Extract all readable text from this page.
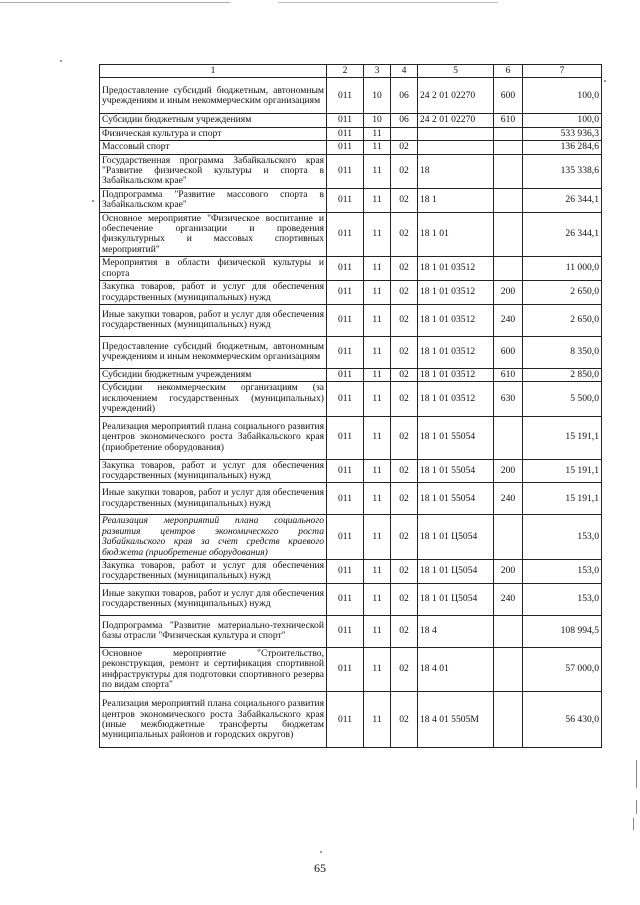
1	2	3	4	5	6	7
Предоставление субсидий бюджетным, автономным учреждениям и иным некоммерческим организациям	011	10	06	24 2 01 02270	600	100,0
Субсидии бюджетным учреждениям	011	10	06	24 2 01 02270	610	100,0
Физическая культура и спорт	011	11				533 936,3
Массовый спорт	011	11	02			136 284,6
Государственная программа Забайкальского края "Развитие физической культуры и спорта в Забайкальском крае"	011	11	02	18		135 338,6
Подпрограмма "Развитие массового спорта в Забайкальском крае"	011	11	02	18 1		26 344,1
Основное мероприятие "Физическое воспитание и обеспечение организации и проведения физкультурных и массовых спортивных мероприятий"	011	11	02	18 1 01		26 344,1
Мероприятия в области физической культуры и спорта	011	11	02	18 1 01 03512		11 000,0
Закупка товаров, работ и услуг для обеспечения государственных (муниципальных) нужд	011	11	02	18 1 01 03512	200	2 650,0
Иные закупки товаров, работ и услуг для обеспечения государственных (муниципальных) нужд	011	11	02	18 1 01 03512	240	2 650,0
Предоставление субсидий бюджетным, автономным учреждениям и иным некоммерческим организациям	011	11	02	18 1 01 03512	600	8 350,0
Субсидии бюджетным учреждениям	011	11	02	18 1 01 03512	610	2 850,0
Субсидии некоммерческим организациям (за исключением государственных (муниципальных) учреждений)	011	11	02	18 1 01 03512	630	5 500,0
Реализация мероприятий плана социального развития центров экономического роста Забайкальского края (приобретение оборудования)	011	11	02	18 1 01 55054		15 191,1
Закупка товаров, работ и услуг для обеспечения государственных (муниципальных) нужд	011	11	02	18 1 01 55054	200	15 191,1
Иные закупки товаров, работ и услуг для обеспечения государственных (муниципальных) нужд	011	11	02	18 1 01 55054	240	15 191,1
Реализация мероприятий плана социального развития центров экономического роста Забайкальского края за счет средств краевого бюджета (приобретение оборудования)	011	11	02	18 1 01 Ц5054		153,0
Закупка товаров, работ и услуг для обеспечения государственных (муниципальных) нужд	011	11	02	18 1 01 Ц5054	200	153,0
Иные закупки товаров, работ и услуг для обеспечения государственных (муниципальных) нужд	011	11	02	18 1 01 Ц5054	240	153,0
Подпрограмма "Развитие материально-технической базы отрасли "Физическая культура и спорт"	011	11	02	18 4		108 994,5
Основное мероприятие "Строительство, реконструкция, ремонт и сертификация спортивной инфраструктуры для подготовки спортивного резерва по видам спорта"	011	11	02	18 4 01		57 000,0
Реализация мероприятий плана социального развития центров экономического роста Забайкальского края (иные межбюджетные трансферты бюджетам муниципальных районов и городских округов)	011	11	02	18 4 01 5505М		56 430,0
65
